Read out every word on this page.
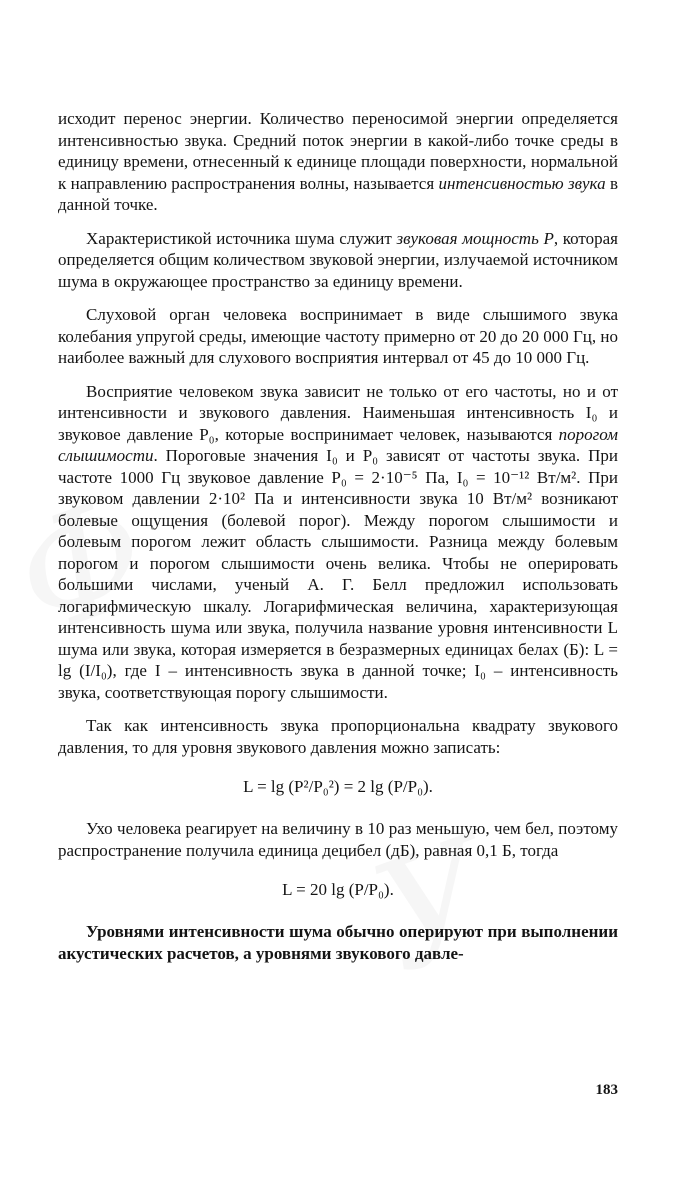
исходит перенос энергии. Количество переносимой энергии определяется интенсивностью звука. Средний поток энергии в какой-либо точке среды в единицу времени, отнесенный к единице площади поверхности, нормальной к направлению распространения волны, называется интенсивностью звука в данной точке.

Характеристикой источника шума служит звуковая мощность Р, которая определяется общим количеством звуковой энергии, излучаемой источником шума в окружающее пространство за единицу времени.

Слуховой орган человека воспринимает в виде слышимого звука колебания упругой среды, имеющие частоту примерно от 20 до 20 000 Гц, но наиболее важный для слухового восприятия интервал от 45 до 10 000 Гц.

Восприятие человеком звука зависит не только от его частоты, но и от интенсивности и звукового давления. Наименьшая интенсивность I₀ и звуковое давление P₀, которые воспринимает человек, называются порогом слышимости. Пороговые значения I₀ и P₀ зависят от частоты звука. При частоте 1000 Гц звуковое давление P₀ = 2·10⁻⁵ Па, I₀ = 10⁻¹² Вт/м². При звуковом давлении 2·10² Па и интенсивности звука 10 Вт/м² возникают болевые ощущения (болевой порог). Между порогом слышимости и болевым порогом лежит область слышимости. Разница между болевым порогом и порогом слышимости очень велика. Чтобы не оперировать большими числами, ученый А. Г. Белл предложил использовать логарифмическую шкалу. Логарифмическая величина, характеризующая интенсивность шума или звука, получила название уровня интенсивности L шума или звука, которая измеряется в безразмерных единицах белах (Б): L = lg (I/I₀), где I – интенсивность звука в данной точке; I₀ – интенсивность звука, соответствующая порогу слышимости.

Так как интенсивность звука пропорциональна квадрату звукового давления, то для уровня звукового давления можно записать:

L = lg (P²/P₀²) = 2 lg (P/P₀).

Ухо человека реагирует на величину в 10 раз меньшую, чем бел, поэтому распространение получила единица децибел (дБ), равная 0,1 Б, тогда

L = 20 lg (P/P₀).

Уровнями интенсивности шума обычно оперируют при выполнении акустических расчетов, а уровнями звукового давле-

183
